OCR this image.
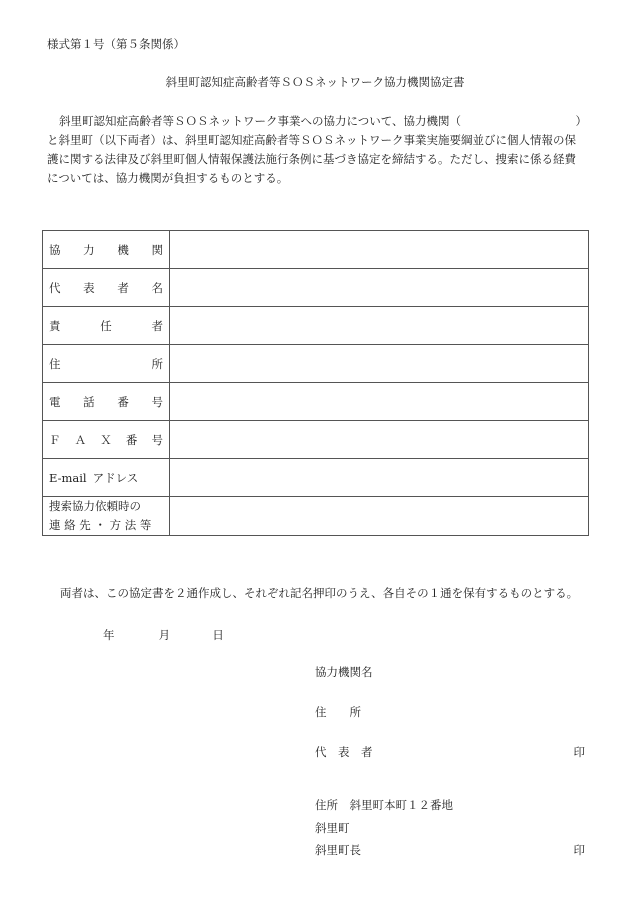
様式第１号（第５条関係）
斜里町認知症高齢者等ＳＯＳネットワーク協力機関協定書
斜里町認知症高齢者等ＳＯＳネットワーク事業への協力について、協力機関（	）
と斜里町（以下両者）は、斜里町認知症高齢者等ＳＯＳネットワーク事業実施要綱並びに個人情報の保
護に関する法律及び斜里町個人情報保護法施行条例に基づき協定を締結する。ただし、捜索に係る経費
については、協力機関が負担するものとする。
協 力 機 関	

代 表 者 名	

責 任 者	

住 所	

電 話 番 号	

Ｆ Ａ Ｘ 番 号	

E-mail アドレス	

捜索協力依頼時の
連 絡 先 ・ 方 法 等	

両者は、この協定書を２通作成し、それぞれ記名押印のうえ、各自その１通を保有するものとする。
年	月	日
協力機関名
住　　所
代　表　者	印
住所　斜里町本町１２番地
斜里町
斜里町長	印
